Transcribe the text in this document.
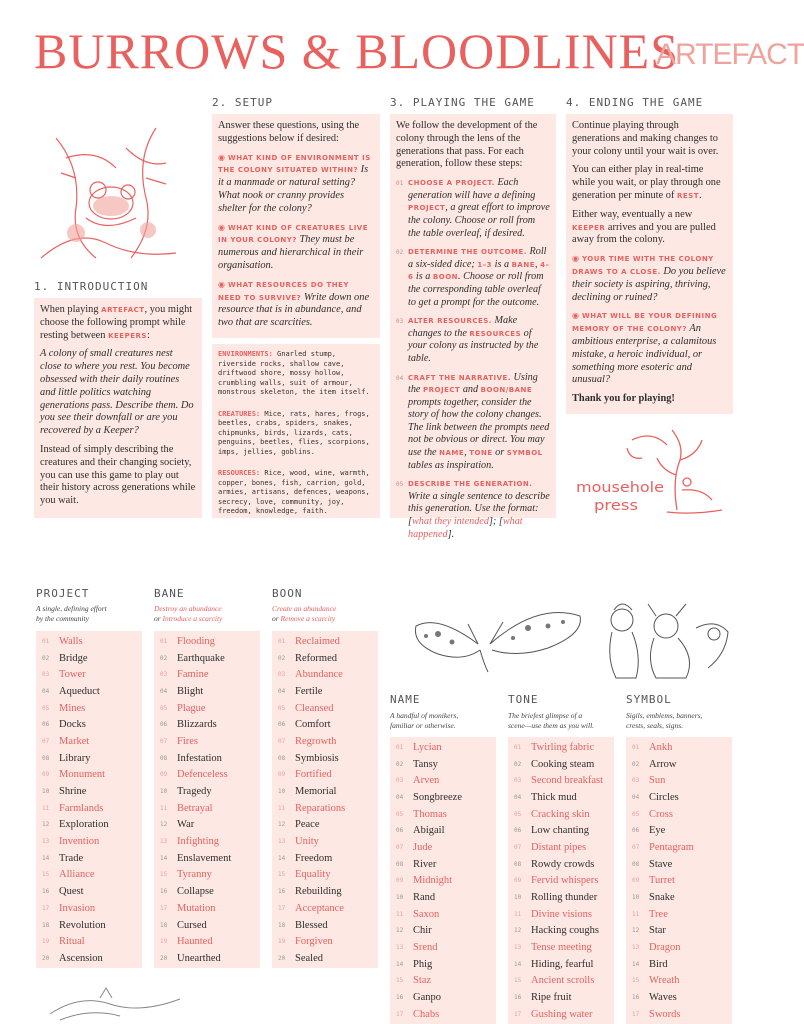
BURROWS & BLOODLINES
ARTEFACT
1. INTRODUCTION

When playing ARTEFACT, you might choose the following prompt while resting between KEEPERS:

A colony of small creatures nest close to where you rest. You become obsessed with their daily routines and little politics watching generations pass. Describe them. Do you see their downfall or are you recovered by a Keeper?

Instead of simply describing the creatures and their changing society, you can use this game to play out their history across generations while you wait.

2. SETUP

Answer these questions, using the suggestions below if desired:

◉ WHAT KIND OF ENVIRONMENT IS THE COLONY SITUATED WITHIN? Is it a manmade or natural setting? What nook or cranny provides shelter for the colony?

◉ WHAT KIND OF CREATURES LIVE IN YOUR COLONY? They must be numerous and hierarchical in their organisation.

◉ WHAT RESOURCES DO THEY NEED TO SURVIVE? Write down one resource that is in abundance, and two that are scarcities.

ENVIRONMENTS: Gnarled stump, riverside rocks, shallow cave, driftwood shore, mossy hollow, crumbling walls, suit of armour, monstrous skeleton, the item itself.
CREATURES: Mice, rats, hares, frogs, beetles, crabs, spiders, snakes, chipmunks, birds, lizards, cats, penguins, beetles, flies, scorpions, imps, jellies, goblins.
RESOURCES: Rice, wood, wine, warmth, copper, bones, fish, carrion, gold, armies, artisans, defences, weapons, secrecy, love, community, joy, freedom, knowledge, faith.
3. PLAYING THE GAME

We follow the development of the colony through the lens of the generations that pass. For each generation, follow these steps:

01 CHOOSE A PROJECT. Each generation will have a defining PROJECT, a great effort to improve the colony. Choose or roll from the table overleaf, if desired.
02 DETERMINE THE OUTCOME. Roll a six-sided dice; 1–3 is a BANE, 4–6 is a BOON. Choose or roll from the corresponding table overleaf to get a prompt for the outcome.
03 ALTER RESOURCES. Make changes to the RESOURCES of your colony as instructed by the table.
04 CRAFT THE NARRATIVE. Using the PROJECT and BOON/BANE prompts together, consider the story of how the colony changes. The link between the prompts need not be obvious or direct. You may use the NAME, TONE or SYMBOL tables as inspiration.
05 DESCRIBE THE GENERATION. Write a single sentence to describe this generation. Use the format: [what they intended]; [what happened].
4. ENDING THE GAME

Continue playing through generations and making changes to your colony until your wait is over.

You can either play in real-time while you wait, or play through one generation per minute of REST.

Either way, eventually a new KEEPER arrives and you are pulled away from the colony.

◉ YOUR TIME WITH THE COLONY DRAWS TO A CLOSE. Do you believe their society is aspiring, thriving, declining or ruined?

◉ WHAT WILL BE YOUR DEFINING MEMORY OF THE COLONY? An ambitious enterprise, a calamitous mistake, a heroic individual, or something more esoteric and unusual?

Thank you for playing!

mousehole
press
PROJECT
A single, defining effort
by the community
01 Walls
02 Bridge
03 Tower
04 Aqueduct
05 Mines
06 Docks
07 Market
08 Library
09 Monument
10 Shrine
11 Farmlands
12 Exploration
13 Invention
14 Trade
15 Alliance
16 Quest
17 Invasion
18 Revolution
19 Ritual
20 Ascension
BANE
Destroy an abundance
or Introduce a scarcity
01 Flooding
02 Earthquake
03 Famine
04 Blight
05 Plague
06 Blizzards
07 Fires
08 Infestation
09 Defenceless
10 Tragedy
11 Betrayal
12 War
13 Infighting
14 Enslavement
15 Tyranny
16 Collapse
17 Mutation
18 Cursed
19 Haunted
20 Unearthed
BOON
Create an abundance
or Remove a scarcity
01 Reclaimed
02 Reformed
03 Abundance
04 Fertile
05 Cleansed
06 Comfort
07 Regrowth
08 Symbiosis
09 Fortified
10 Memorial
11 Reparations
12 Peace
13 Unity
14 Freedom
15 Equality
16 Rebuilding
17 Acceptance
18 Blessed
19 Forgiven
20 Sealed
NAME
A handful of monikers,
familiar or otherwise.
01 Lycian
02 Tansy
03 Arven
04 Songbreeze
05 Thomas
06 Abigail
07 Jude
08 River
09 Midnight
10 Rand
11 Saxon
12 Chir
13 Srend
14 Phig
15 Staz
16 Ganpo
17 Chabs
TONE
The briefest glimpse of a
scene—use them as you will.
01 Twirling fabric
02 Cooking steam
03 Second breakfast
04 Thick mud
05 Cracking skin
06 Low chanting
07 Distant pipes
08 Rowdy crowds
09 Fervid whispers
10 Rolling thunder
11 Divine visions
12 Hacking coughs
13 Tense meeting
14 Hiding, fearful
15 Ancient scrolls
16 Ripe fruit
17 Gushing water
SYMBOL
Sigils, emblems, banners,
crests, seals, signs.
01 Ankh
02 Arrow
03 Sun
04 Circles
05 Cross
06 Eye
07 Pentagram
08 Stave
09 Turret
10 Snake
11 Tree
12 Star
13 Dragon
14 Bird
15 Wreath
16 Waves
17 Swords
